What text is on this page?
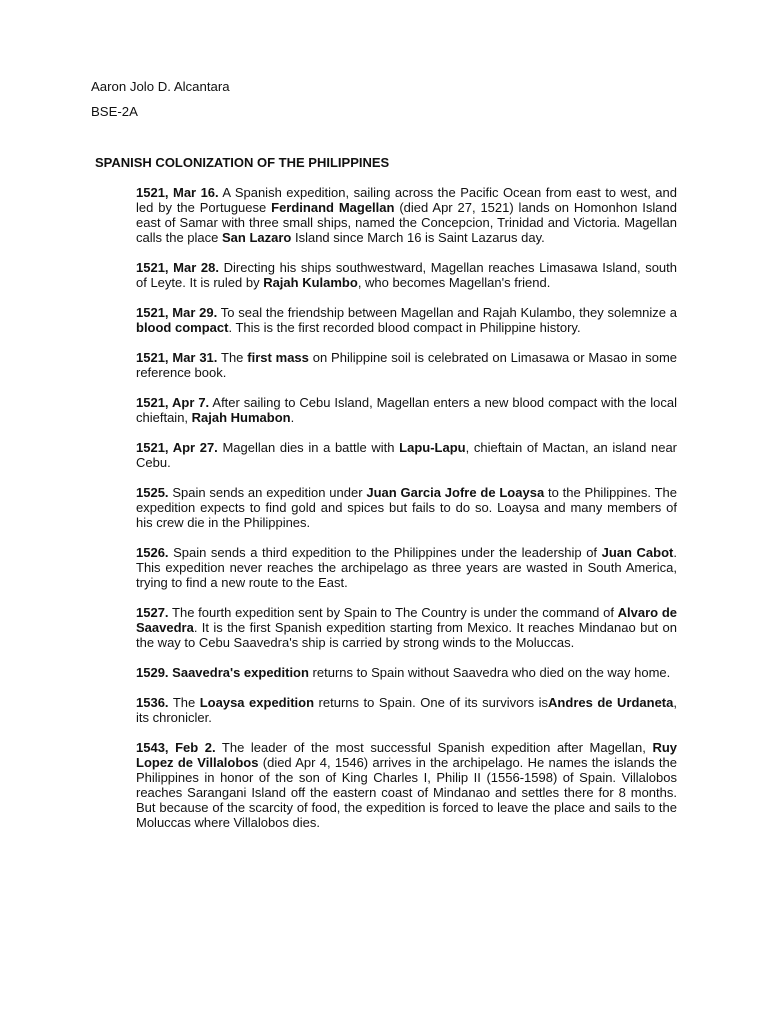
Aaron Jolo D. Alcantara
BSE-2A
SPANISH COLONIZATION OF THE PHILIPPINES

1521, Mar 16. A Spanish expedition, sailing across the Pacific Ocean from east to west, and led by the Portuguese Ferdinand Magellan (died Apr 27, 1521) lands on Homonhon Island east of Samar with three small ships, named the Concepcion, Trinidad and Victoria. Magellan calls the place San Lazaro Island since March 16 is Saint Lazarus day.

1521, Mar 28. Directing his ships southwestward, Magellan reaches Limasawa Island, south of Leyte. It is ruled by Rajah Kulambo, who becomes Magellan's friend.

1521, Mar 29. To seal the friendship between Magellan and Rajah Kulambo, they solemnize a blood compact. This is the first recorded blood compact in Philippine history.

1521, Mar 31. The first mass on Philippine soil is celebrated on Limasawa or Masao in some reference book.

1521, Apr 7. After sailing to Cebu Island, Magellan enters a new blood compact with the local chieftain, Rajah Humabon.

1521, Apr 27. Magellan dies in a battle with Lapu-Lapu, chieftain of Mactan, an island near Cebu.

1525. Spain sends an expedition under Juan Garcia Jofre de Loaysa to the Philippines. The expedition expects to find gold and spices but fails to do so. Loaysa and many members of his crew die in the Philippines.

1526. Spain sends a third expedition to the Philippines under the leadership of Juan Cabot. This expedition never reaches the archipelago as three years are wasted in South America, trying to find a new route to the East.

1527. The fourth expedition sent by Spain to The Country is under the command of Alvaro de Saavedra. It is the first Spanish expedition starting from Mexico. It reaches Mindanao but on the way to Cebu Saavedra's ship is carried by strong winds to the Moluccas.

1529. Saavedra's expedition returns to Spain without Saavedra who died on the way home.

1536. The Loaysa expedition returns to Spain. One of its survivors isAndres de Urdaneta, its chronicler.

1543, Feb 2. The leader of the most successful Spanish expedition after Magellan, Ruy Lopez de Villalobos (died Apr 4, 1546) arrives in the archipelago. He names the islands the Philippines in honor of the son of King Charles I, Philip II (1556-1598) of Spain. Villalobos reaches Sarangani Island off the eastern coast of Mindanao and settles there for 8 months. But because of the scarcity of food, the expedition is forced to leave the place and sails to the Moluccas where Villalobos dies.
